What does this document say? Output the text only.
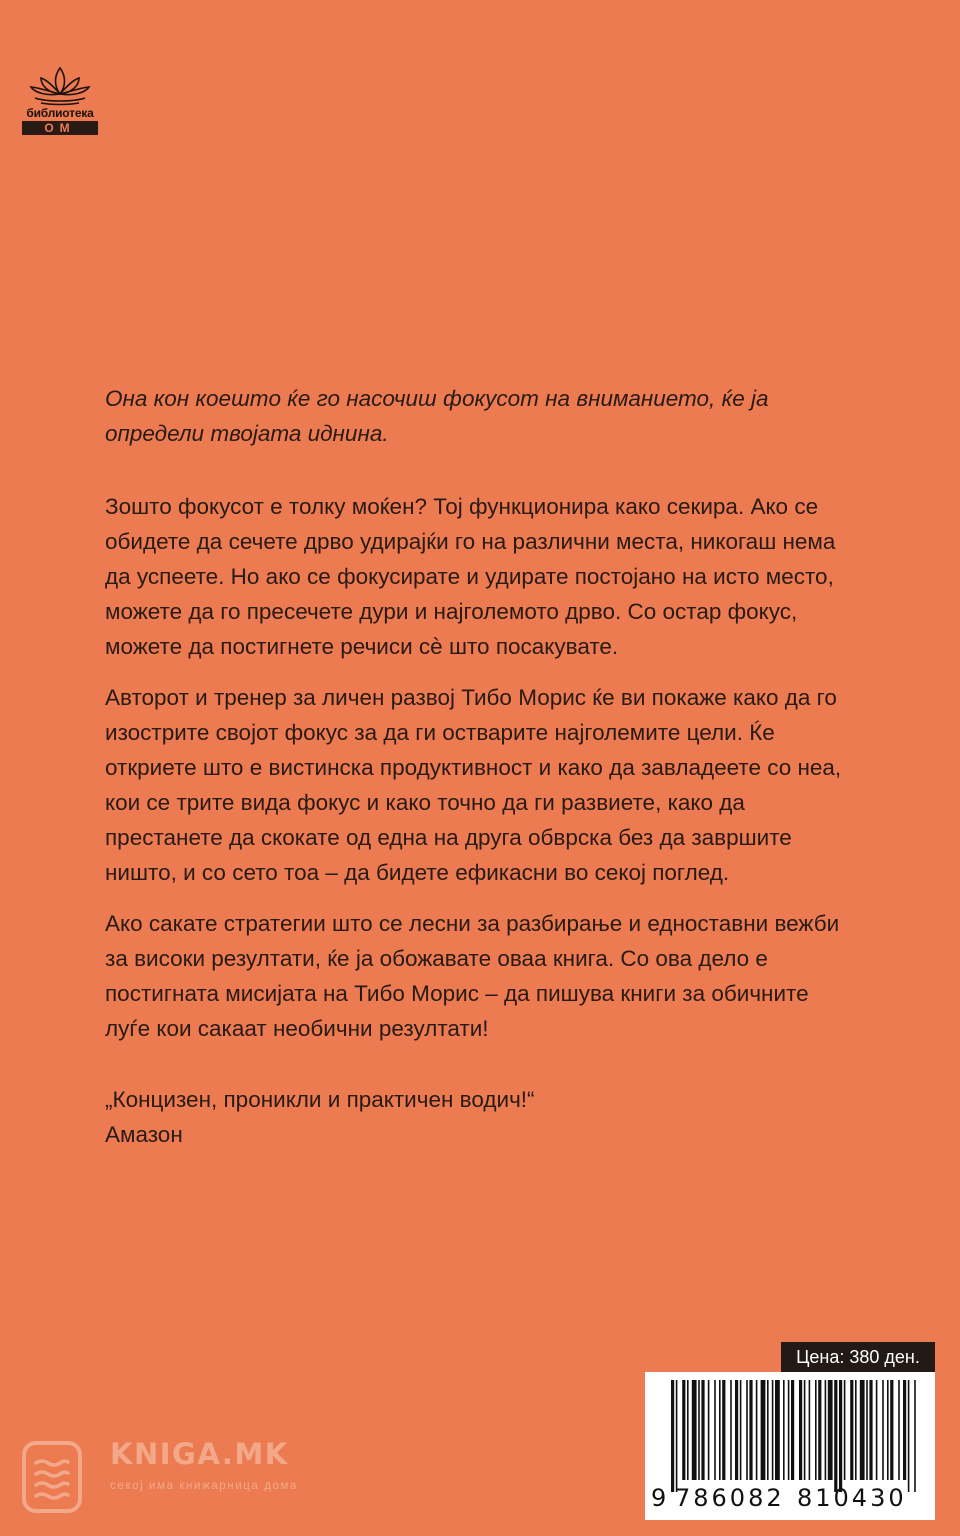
библиотека
ОМ

Она кон коештo ќе го насочиш фокусот на вниманието, ќе ја определи твојата иднина.

Зошто фокусот е толку моќен? Тој функционира како секира. Ако се обидете да сечете дрво удирајќи го на различни места, никогаш нема да успеете. Но ако се фокусирате и удирате постојано на исто место, можете да го пресечете дури и најголемото дрво. Со остар фокус, можете да постигнете речиси сè што посакувате.

Авторот и тренер за личен развој Тибо Морис ќе ви покаже како да го изострите својот фокус за да ги остварите најголемите цели. Ќе откриете што е вистинска продуктивност и како да завладеете со неа, кои се трите вида фокус и како точно да ги развиете, како да престанете да скокате од една на друга обврска без да завршите ништо, и со сето тоа – да бидете ефикасни во секој поглед.

Ако сакате стратегии што се лесни за разбирање и едноставни вежби за високи резултати, ќе ја обожавате оваа книга. Со ова дело е постигната мисијата на Тибо Морис – да пишува книги за обичните луѓе кои сакаат необични резултати!

„Концизен, проникли и практичен водич!“

Амазон

Цена: 380 ден.
9 786082 810430
KNIGA.MK
секој има книжарница дома
